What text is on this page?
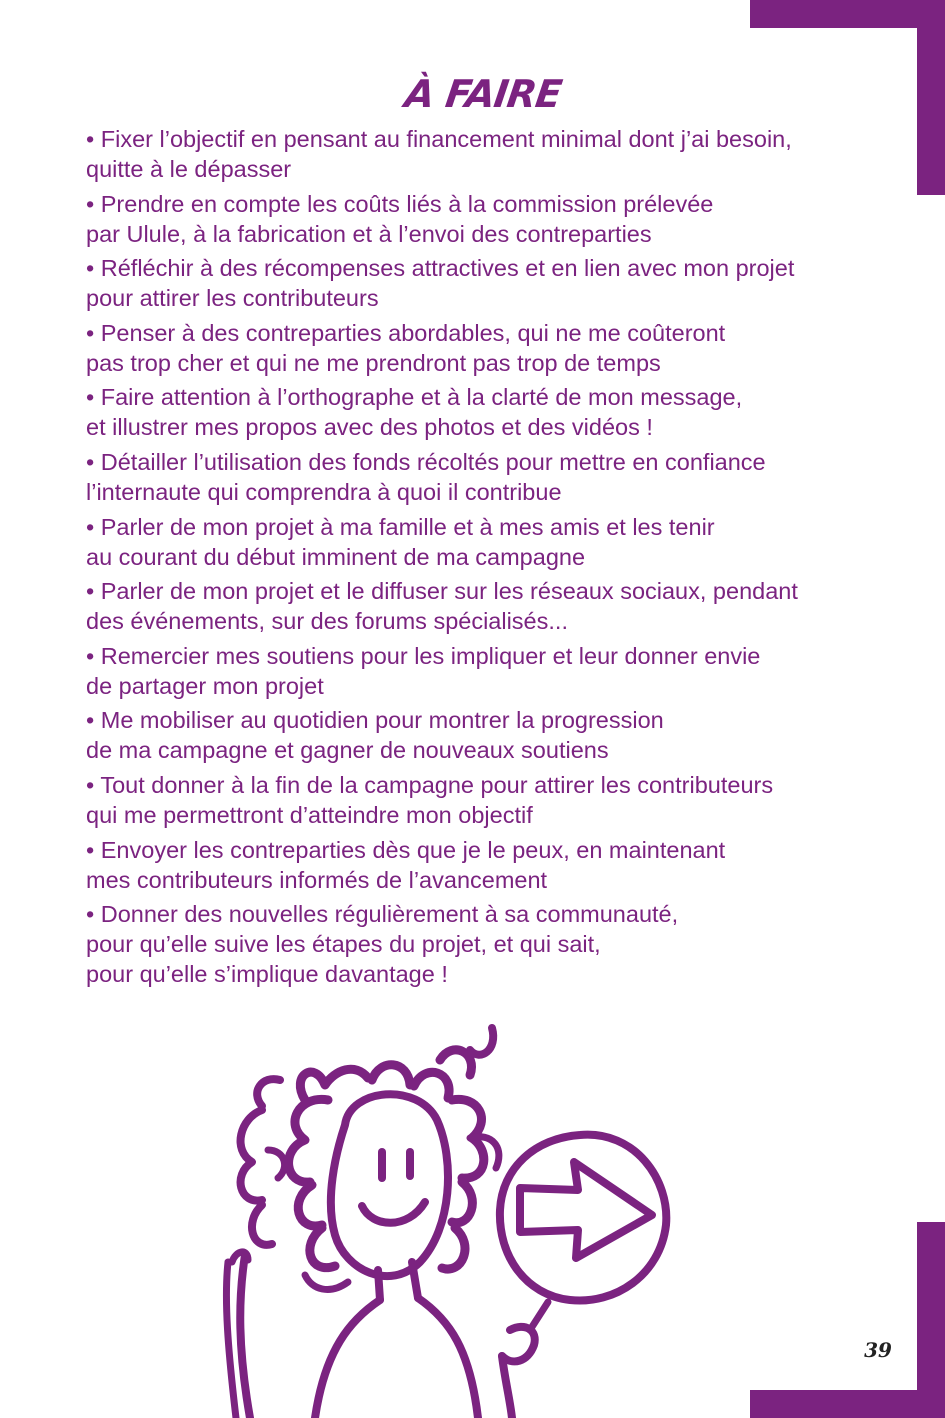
À FAIRE
• Fixer l’objectif en pensant au financement minimal dont j’ai besoin,
quitte à le dépasser
• Prendre en compte les coûts liés à la commission prélevée
par Ulule, à la fabrication et à l’envoi des contreparties
• Réfléchir à des récompenses attractives et en lien avec mon projet
pour attirer les contributeurs
• Penser à des contreparties abordables, qui ne me coûteront
pas trop cher et qui ne me prendront pas trop de temps
• Faire attention à l’orthographe et à la clarté de mon message,
et illustrer mes propos avec des photos et des vidéos !
• Détailler l’utilisation des fonds récoltés pour mettre en confiance
l’internaute qui comprendra à quoi il contribue
• Parler de mon projet à ma famille et à mes amis et les tenir
au courant du début imminent de ma campagne
• Parler de mon projet et le diffuser sur les réseaux sociaux, pendant
des événements, sur des forums spécialisés...
• Remercier mes soutiens pour les impliquer et leur donner envie
de partager mon projet
• Me mobiliser au quotidien pour montrer la progression
de ma campagne et gagner de nouveaux soutiens
• Tout donner à la fin de la campagne pour attirer les contributeurs
qui me permettront d’atteindre mon objectif
• Envoyer les contreparties dès que je le peux, en maintenant
mes contributeurs informés de l’avancement
• Donner des nouvelles régulièrement à sa communauté,
pour qu’elle suive les étapes du projet, et qui sait,
pour qu’elle s’implique davantage !
39
